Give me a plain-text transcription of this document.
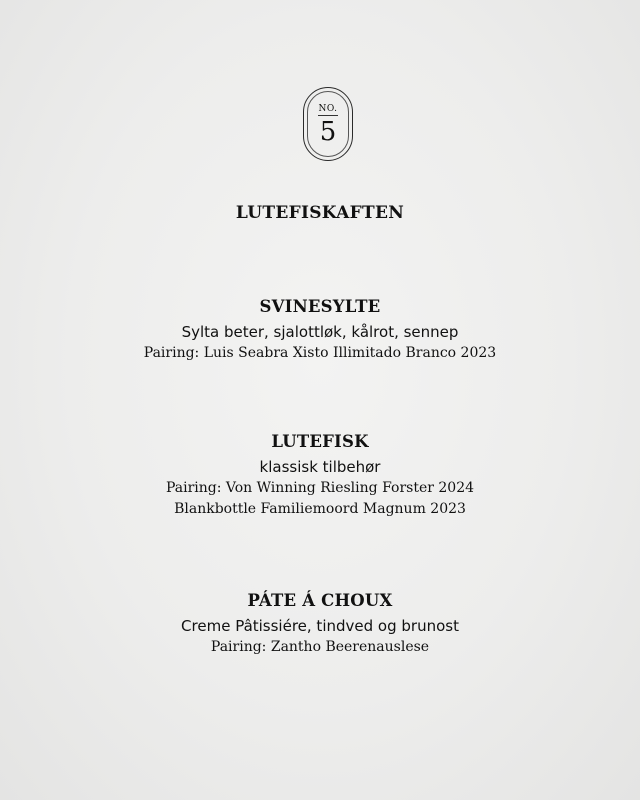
NO.
5
LUTEFISKAFTEN
SVINESYLTE
Sylta beter, sjalottløk, kålrot, sennep
Pairing: Luis Seabra Xisto Illimitado Branco 2023
LUTEFISK
klassisk tilbehør
Pairing: Von Winning Riesling Forster 2024
Blankbottle Familiemoord Magnum 2023
PÁTE Á CHOUX
Creme Pâtissiére, tindved og brunost
Pairing: Zantho Beerenauslese
